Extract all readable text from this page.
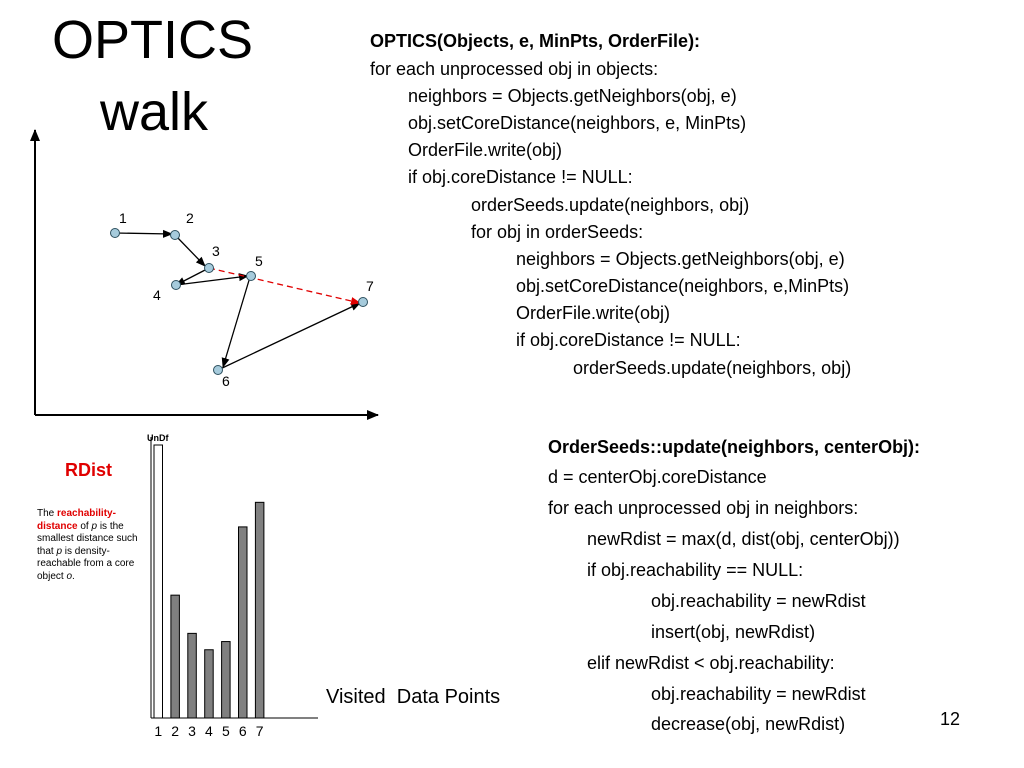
OPTICS
walk
OPTICS(Objects, e, MinPts, OrderFile):
for each unprocessed obj in objects:
neighbors = Objects.getNeighbors(obj, e)
obj.setCoreDistance(neighbors, e, MinPts)
OrderFile.write(obj)
if obj.coreDistance != NULL:
orderSeeds.update(neighbors, obj)
for obj in orderSeeds:
neighbors = Objects.getNeighbors(obj, e)
obj.setCoreDistance(neighbors, e,MinPts)
OrderFile.write(obj)
if obj.coreDistance != NULL:
orderSeeds.update(neighbors, obj)
OrderSeeds::update(neighbors, centerObj):
d = centerObj.coreDistance
for each unprocessed obj in neighbors:
newRdist = max(d, dist(obj, centerObj))
if obj.reachability == NULL:
obj.reachability = newRdist
insert(obj, newRdist)
elif newRdist < obj.reachability:
obj.reachability = newRdist
decrease(obj, newRdist)
1	2
3
4
5
6
7
UnDf
1 2 3 4 5 6 7
RDist
The reachability-distance of p is the smallest distance such that p is density-reachable from a core object o.
Visited  Data Points
12
